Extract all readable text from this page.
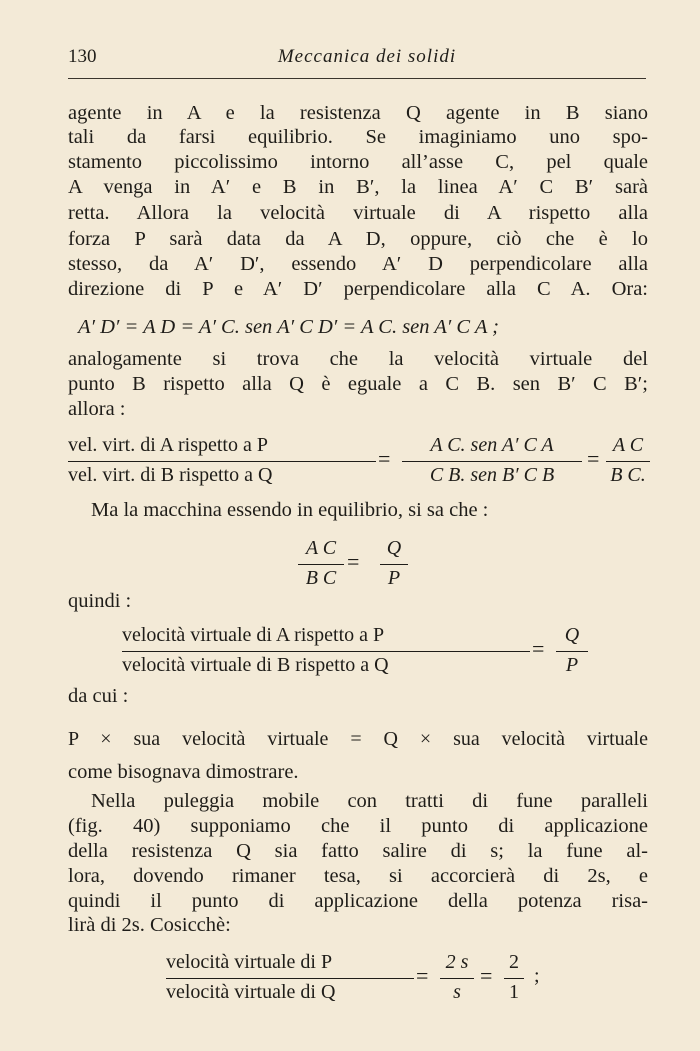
130	Meccanica dei solidi
agente in A e la resistenza Q agente in B siano
tali da farsi equilibrio. Se imaginiamo uno spo-
stamento piccolissimo intorno all’asse C, pel quale
A venga in A′ e B in B′, la linea A′ C B′ sarà
retta. Allora la velocità virtuale di A rispetto alla
forza P sarà data da A D, oppure, ciò che è lo
stesso, da A′ D′, essendo A′ D perpendicolare alla
direzione di P e A′ D′ perpendicolare alla C A. Ora:
A′ D′ = A D = A′ C. sen A′ C D′ = A C. sen A′ C A ;
analogamente si trova che la velocità virtuale del
punto B rispetto alla Q è eguale a C B. sen B′ C B′;
allora :
vel. virt. di A rispetto a P
vel. virt. di B rispetto a Q
=
A C. sen A′ C A
C B. sen B′ C B
=
A C
B C.
Ma la macchina essendo in equilibrio, si sa che :
A C
B C
=
Q
P
quindi :
velocità virtuale di A rispetto a P
velocità virtuale di B rispetto a Q
=
Q
P
da cui :
P × sua velocità virtuale = Q × sua velocità virtuale
come bisognava dimostrare.
Nella puleggia mobile con tratti di fune paralleli
(fig. 40) supponiamo che il punto di applicazione
della resistenza Q sia fatto salire di s; la fune al-
lora, dovendo rimaner tesa, si accorcierà di 2s, e
quindi il punto di applicazione della potenza risa-
lirà di 2s. Cosicchè:
velocità virtuale di P
velocità virtuale di Q
=
2 s
s
=
2
1
;
